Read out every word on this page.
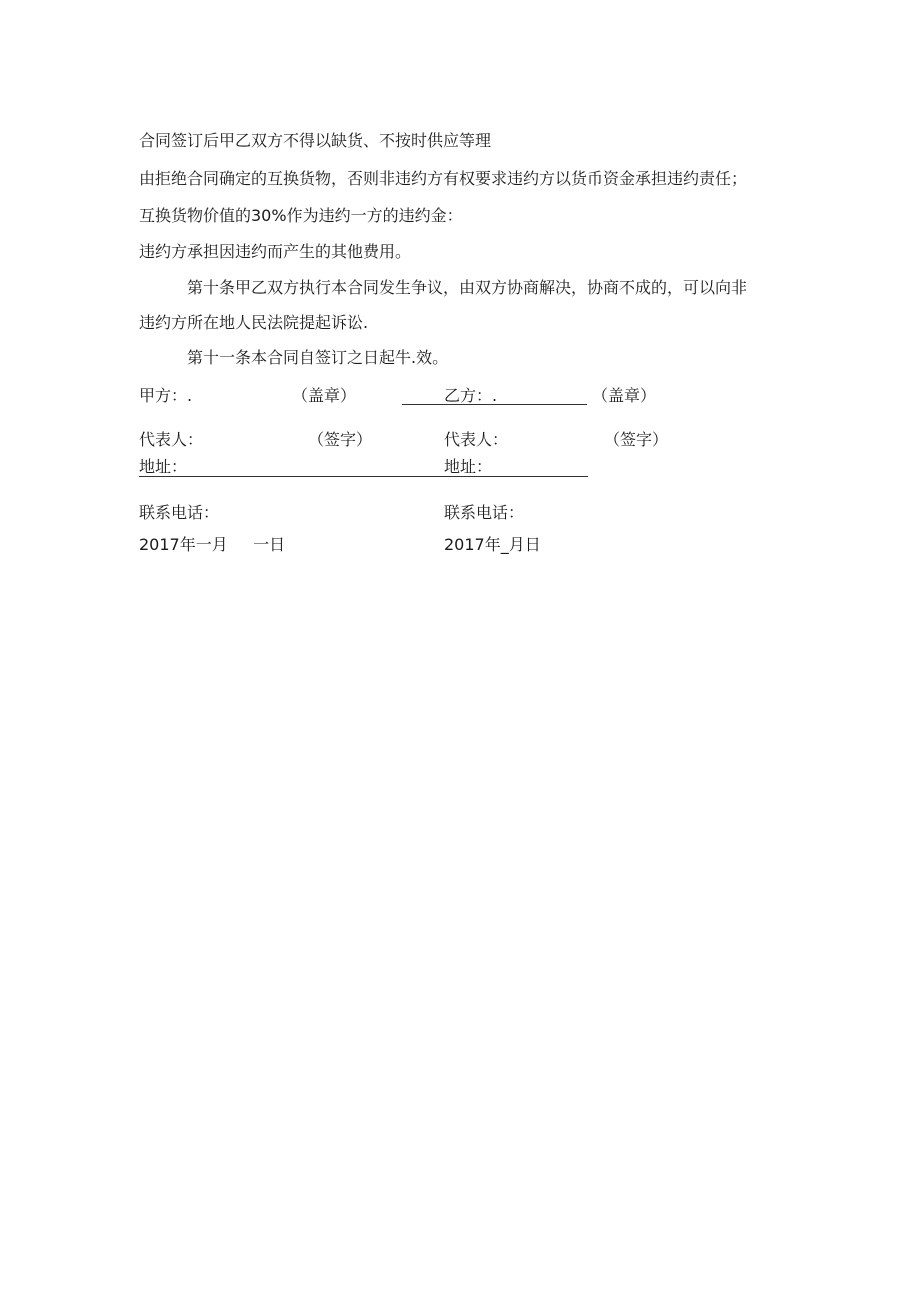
合同签订后甲乙双方不得以缺货、不按时供应等理
由拒绝合同确定的互换货物，否则非违约方有权要求违约方以货币资金承担违约责任；
互换货物价值的30%作为违约一方的违约金：
违约方承担因违约而产生的其他费用。
第十条甲乙双方执行本合同发生争议，由双方协商解决，协商不成的，可以向非
违约方所在地人民法院提起诉讼.
第十一条本合同自签订之日起牛.效。
甲方：.	（盖章）	乙方：.	（盖章）
代表人：	（签字）	代表人：	（签字）
地址：	地址：
联系电话：	联系电话：
2017年一月     一日	2017年_月日
